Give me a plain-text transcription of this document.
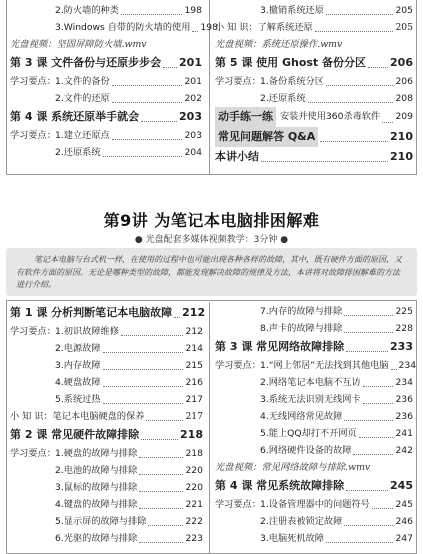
2.防火墙的种类	198
3.Windows 自带的防火墙的使用 198
光盘视频：坚固屏障防火墙.wmv
第 3 课 文件备份与还原步步会 201
学习要点：1.文件的备份	201
2.文件的还原	202
第 4 课 系统还原举手就会	203
学习要点：1.建立还原点	203
2.还原系统	204
3.撤销系统还原	205
小 知 识：了解系统还原	205
光盘视频：系统还原操作.wmv
第 5 课 使用 Ghost 备份分区 206
学习要点：1.备份系统分区	206
2.还原系统	208
动手练一练 安装并使用360杀毒软件 209
常见问题解答 Q&A	210
本讲小结	210
第9讲 为笔记本电脑排困解难
● 光盘配套多媒体视频教学：3分钟 ●
笔记本电脑与台式机一样，在使用的过程中也可能出现各种各样的故障，其中，既有硬件方面的原因，又有软件方面的原因。无论是哪种类型的故障，都能发现解决故障的规律及方法，本讲将对故障排困解难的方法进行介绍。
第 1 课 分析判断笔记本电脑故障 212
学习要点：1.初识故障维修	212
2.电源故障	214
3.内存故障	215
4.硬盘故障	216
5.系统过热	217
小 知 识：笔记本电脑硬盘的保养	217
第 2 课 常见硬件故障排除	218
学习要点：1.硬盘的故障与排除	218
2.电池的故障与排除	220
3.鼠标的故障与排除	220
4.键盘的故障与排除	221
5.显示屏的故障与排除	222
6.光驱的故障与排除	223
7.内存的故障与排除	225
8.声卡的故障与排除	228
第 3 课 常见网络故障排除	233
学习要点：1.“网上邻居”无法找到其他电脑 234
2.网络笔记本电脑不互访	234
3.系统无法识别无线网卡	236
4.无线网络常见故障	236
5.能上QQ却打不开网页	241
6.网络硬件设备的故障	242
光盘视频：常见网络故障与排除.wmv
第 4 课 常见系统故障排除	245
学习要点：1.设备管理器中的问题符号	245
2.注册表被锁定故障	246
3.电脑死机故障	247
